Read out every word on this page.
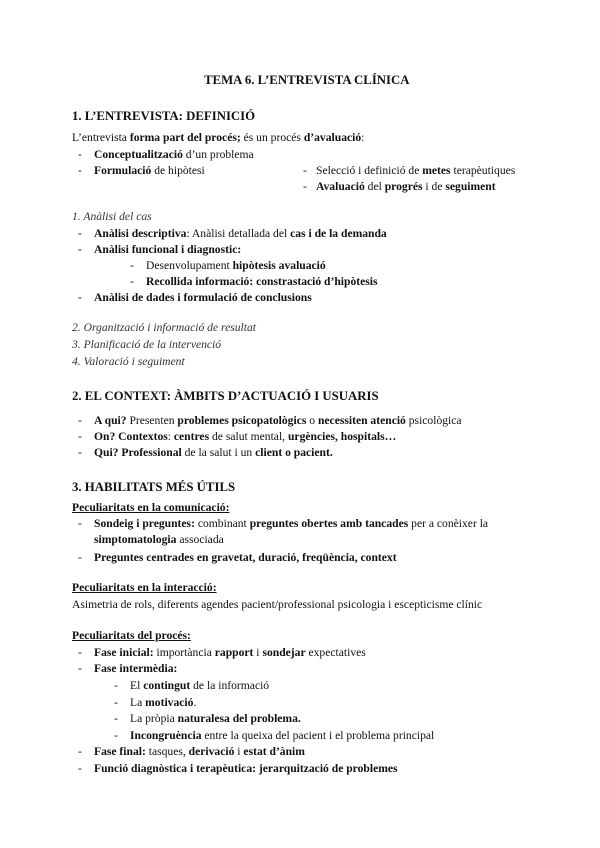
TEMA 6. L’ENTREVISTA CLÍNICA
1. L’ENTREVISTA: DEFINICIÓ
L’entrevista forma part del procés; és un procés d’avaluació:
- Conceptualització d’un problema
- Formulació de hipòtesi	- Selecció i definició de metes terapèutiques
- Avaluació del progrés i de seguiment
1. Anàlisi del cas
- Anàlisi descriptiva: Anàlisi detallada del cas i de la demanda
- Anàlisi funcional i diagnostic:
- Desenvolupament hipòtesis avaluació
- Recollida informació: constrastació d’hipòtesis
- Anàlisi de dades i formulació de conclusions
2. Organització i informació de resultat
3. Planificació de la intervenció
4. Valoració i seguiment
2. EL CONTEXT: ÀMBITS D’ACTUACIÓ I USUARIS
- A qui? Presenten problemes psicopatològics o necessiten atenció psicològica
- On? Contextos: centres de salut mental, urgències, hospitals…
- Qui? Professional de la salut i un client o pacient.
3. HABILITATS MÉS ÚTILS
Peculiaritats en la comunicació:
- Sondeig i preguntes: combinant preguntes obertes amb tancades per a conèixer la
simptomatologia associada
- Preguntes centrades en gravetat, duració, freqüència, context
Peculiaritats en la interacció:
Asimetria de rols, diferents agendes pacient/professional psicologia i escepticisme clínic
Peculiaritats del procés:
- Fase inicial: importància rapport i sondejar expectatives
- Fase intermèdia:
- El contingut de la informació
- La motivació.
- La pròpia naturalesa del problema.
- Incongruència entre la queixa del pacient i el problema principal
- Fase final: tasques, derivació i estat d’ànim
- Funció diagnòstica i terapèutica: jerarquització de problemes
